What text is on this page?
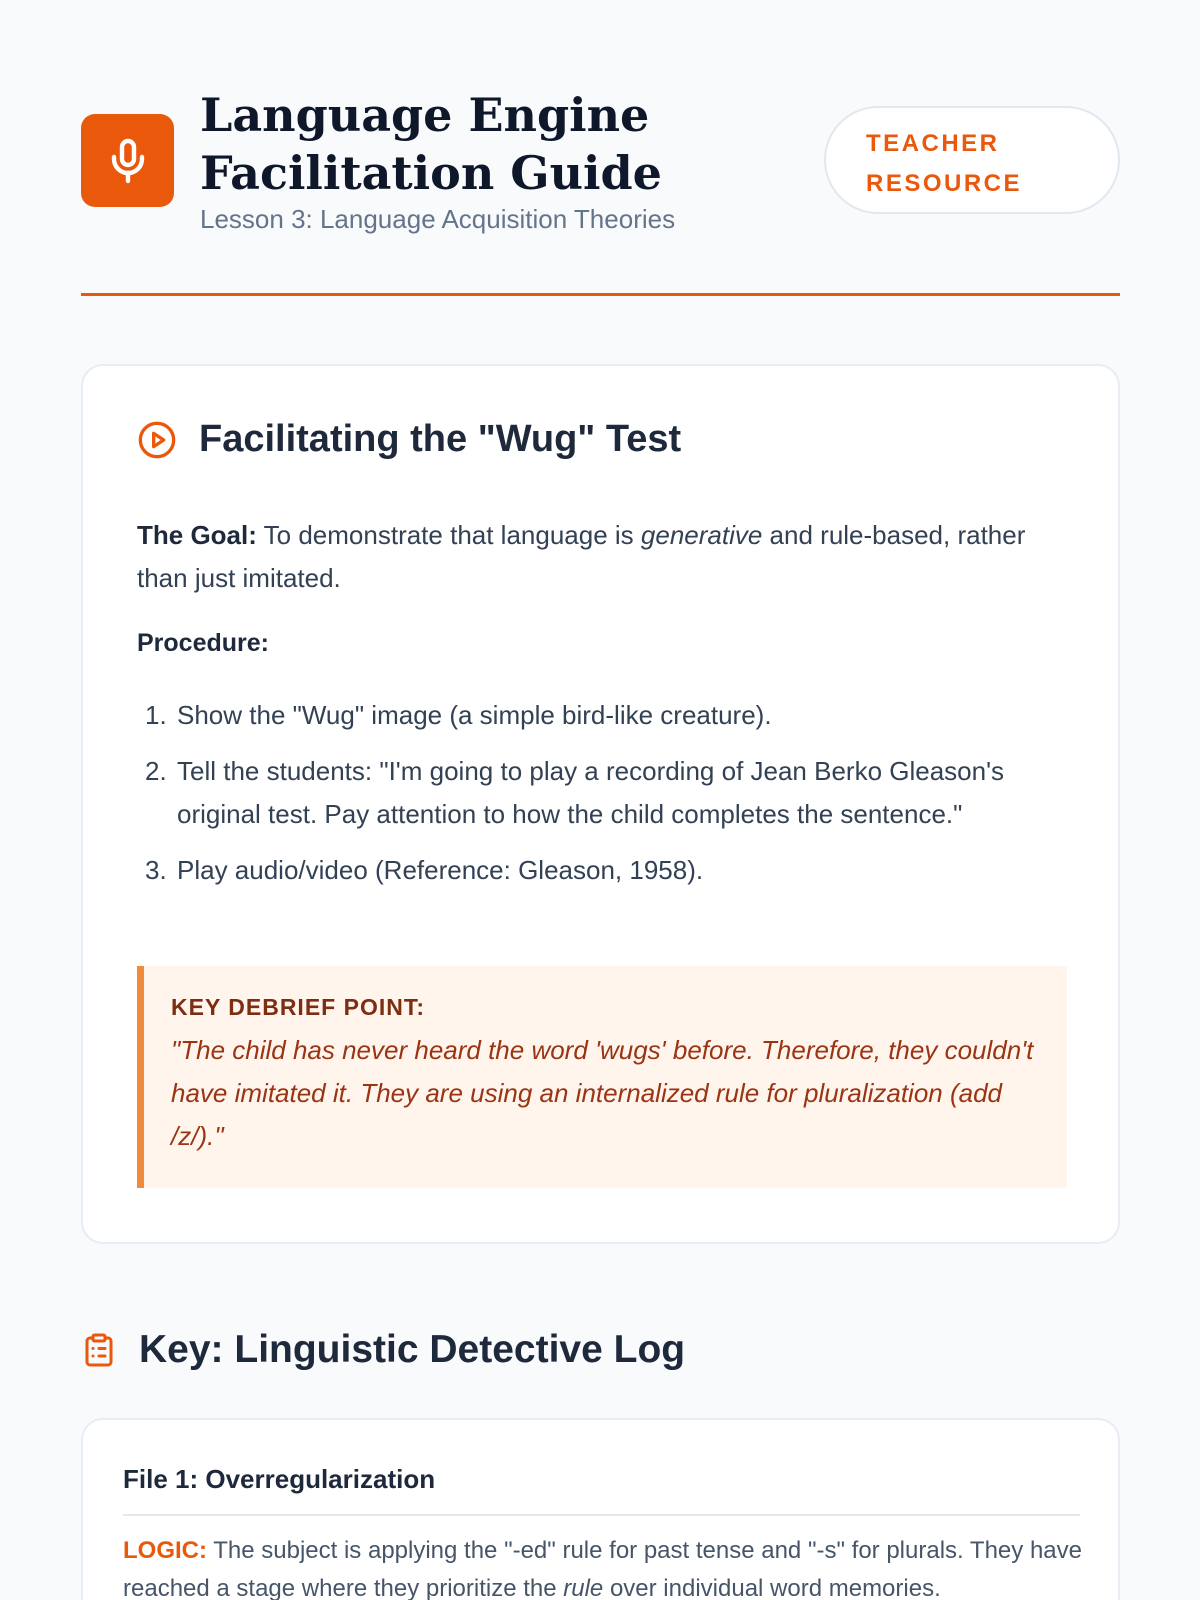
Language Engine
Facilitation Guide
Lesson 3: Language Acquisition Theories
TEACHER
RESOURCE
Facilitating the "Wug" Test

The Goal: To demonstrate that language is generative and rule-based, rather than just imitated.

Procedure:
1. Show the "Wug" image (a simple bird-like creature).
2. Tell the students: "I'm going to play a recording of Jean Berko Gleason's original test. Pay attention to how the child completes the sentence."
3. Play audio/video (Reference: Gleason, 1958).
KEY DEBRIEF POINT:
"The child has never heard the word 'wugs' before. Therefore, they couldn't have imitated it. They are using an internalized rule for pluralization (add /z/)."
Key: Linguistic Detective Log
File 1: Overregularization

LOGIC: The subject is applying the "-ed" rule for past tense and "-s" for plurals. They have reached a stage where they prioritize the rule over individual word memories.
